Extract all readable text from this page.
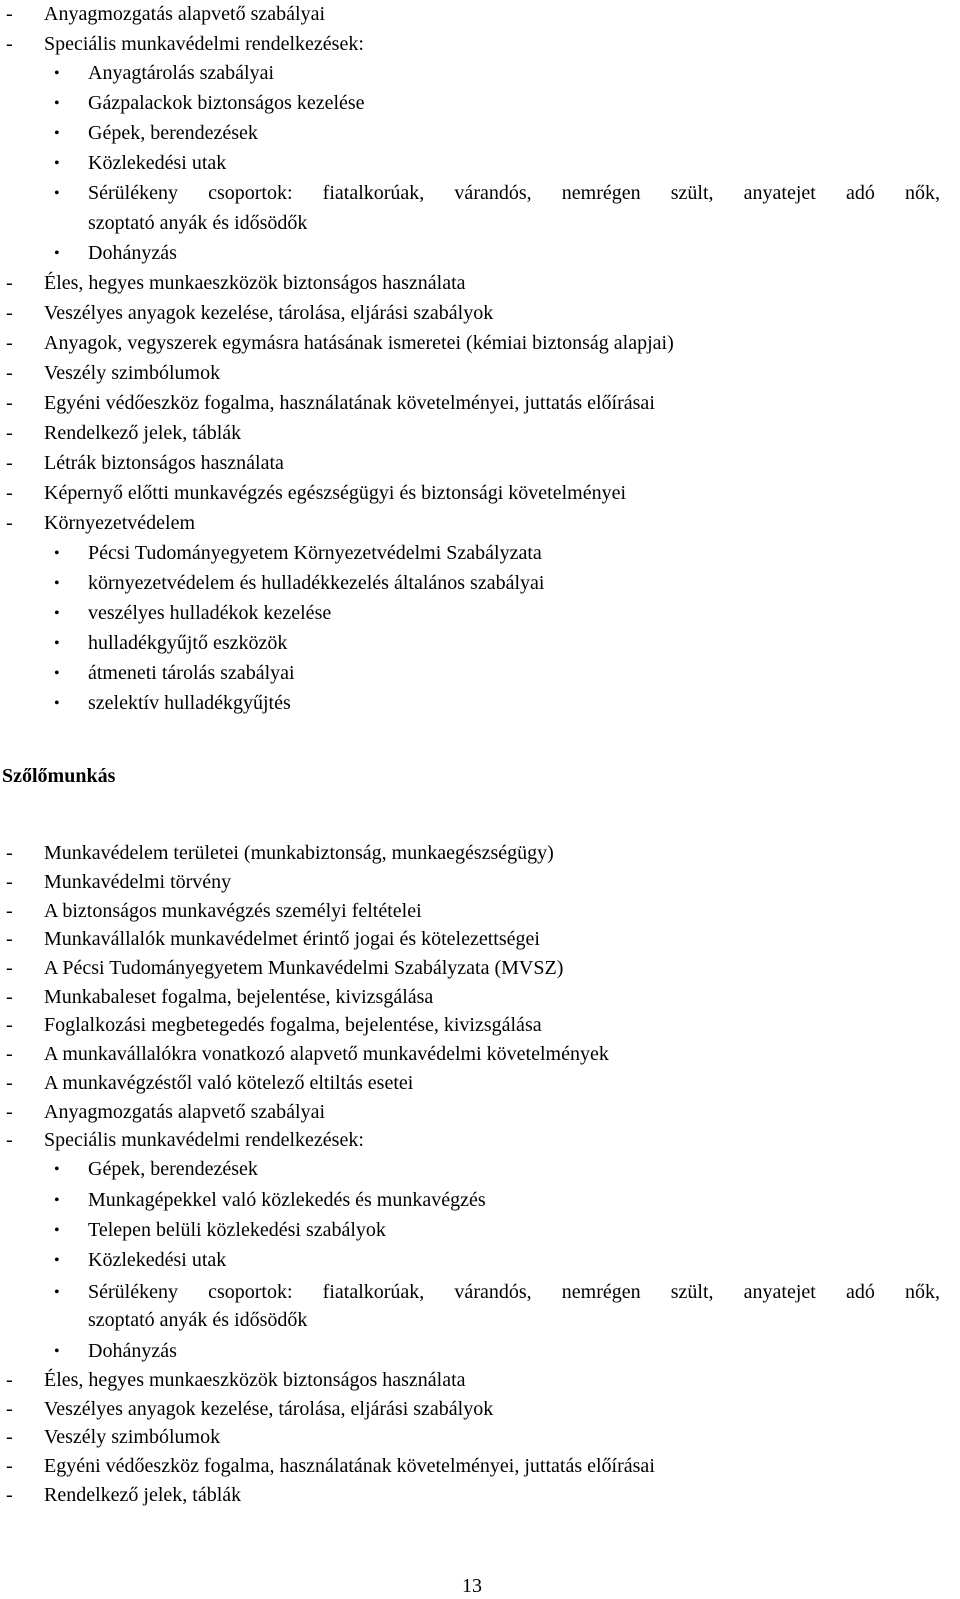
- Anyagmozgatás alapvető szabályai
- Speciális munkavédelmi rendelkezések:
• Anyagtárolás szabályai
• Gázpalackok biztonságos kezelése
• Gépek, berendezések
• Közlekedési utak
• Sérülékeny csoportok: fiatalkorúak, várandós, nemrégen szült, anyatejet adó nők,
szoptató anyák és idősödők
• Dohányzás
- Éles, hegyes munkaeszközök biztonságos használata
- Veszélyes anyagok kezelése, tárolása, eljárási szabályok
- Anyagok, vegyszerek egymásra hatásának ismeretei (kémiai biztonság alapjai)
- Veszély szimbólumok
- Egyéni védőeszköz fogalma, használatának követelményei, juttatás előírásai
- Rendelkező jelek, táblák
- Létrák biztonságos használata
- Képernyő előtti munkavégzés egészségügyi és biztonsági követelményei
- Környezetvédelem
• Pécsi Tudományegyetem Környezetvédelmi Szabályzata
• környezetvédelem és hulladékkezelés általános szabályai
• veszélyes hulladékok kezelése
• hulladékgyűjtő eszközök
• átmeneti tárolás szabályai
• szelektív hulladékgyűjtés
Szőlőmunkás
- Munkavédelem területei (munkabiztonság, munkaegészségügy)
- Munkavédelmi törvény
- A biztonságos munkavégzés személyi feltételei
- Munkavállalók munkavédelmet érintő jogai és kötelezettségei
- A Pécsi Tudományegyetem Munkavédelmi Szabályzata (MVSZ)
- Munkabaleset fogalma, bejelentése, kivizsgálása
- Foglalkozási megbetegedés fogalma, bejelentése, kivizsgálása
- A munkavállalókra vonatkozó alapvető munkavédelmi követelmények
- A munkavégzéstől való kötelező eltiltás esetei
- Anyagmozgatás alapvető szabályai
- Speciális munkavédelmi rendelkezések:
• Gépek, berendezések
• Munkagépekkel való közlekedés és munkavégzés
• Telepen belüli közlekedési szabályok
• Közlekedési utak
• Sérülékeny csoportok: fiatalkorúak, várandós, nemrégen szült, anyatejet adó nők,
szoptató anyák és idősödők
• Dohányzás
- Éles, hegyes munkaeszközök biztonságos használata
- Veszélyes anyagok kezelése, tárolása, eljárási szabályok
- Veszély szimbólumok
- Egyéni védőeszköz fogalma, használatának követelményei, juttatás előírásai
- Rendelkező jelek, táblák
13
